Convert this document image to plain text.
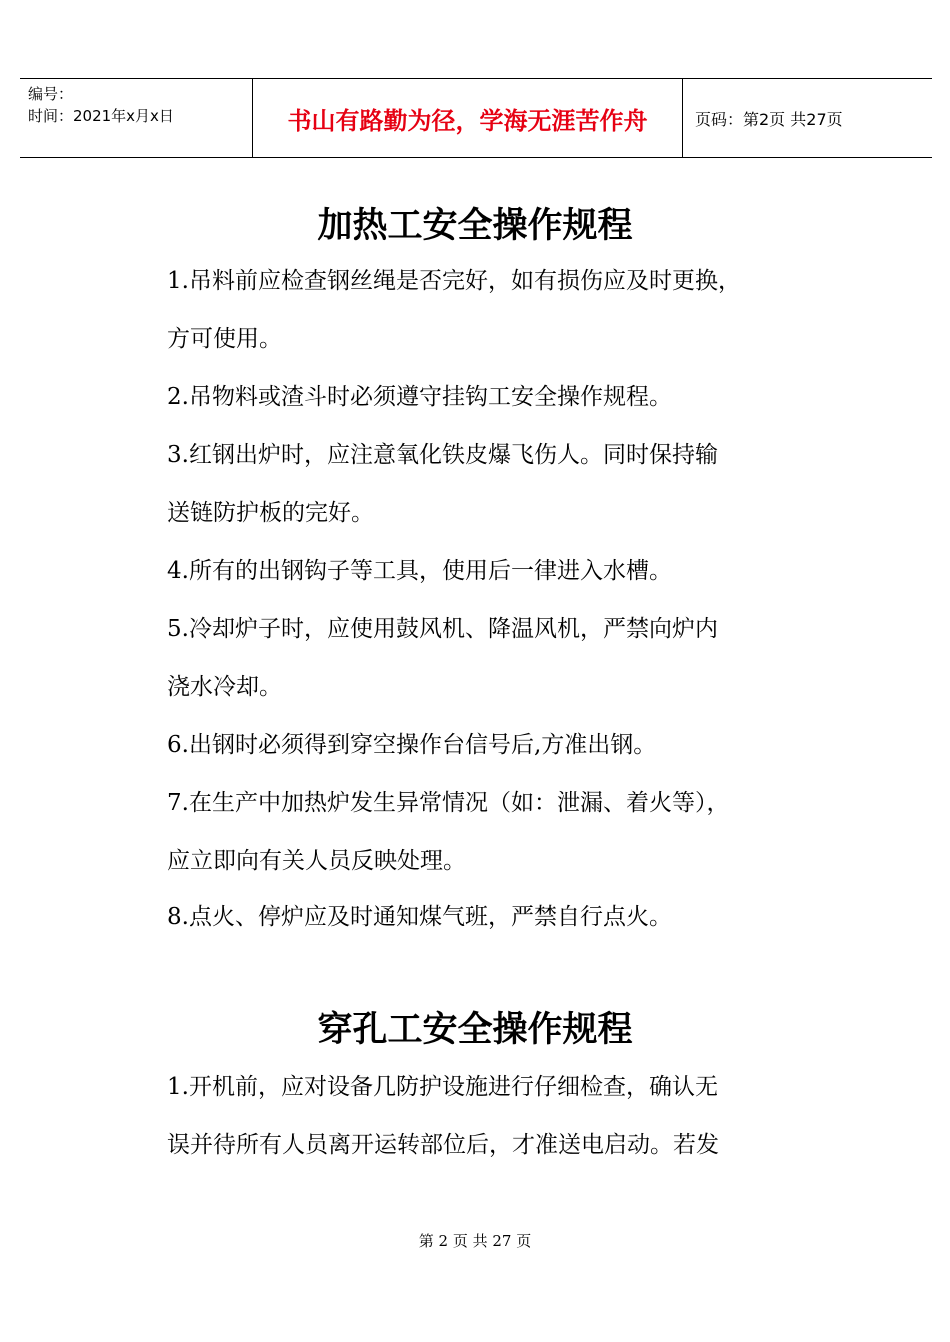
编号：
时间：2021年x月x日	书山有路勤为径，学海无涯苦作舟	页码：第2页 共27页
加热工安全操作规程
1.吊料前应检查钢丝绳是否完好，如有损伤应及时更换，
方可使用。
2.吊物料或渣斗时必须遵守挂钩工安全操作规程。
3.红钢出炉时，应注意氧化铁皮爆飞伤人。同时保持输
送链防护板的完好。
4.所有的出钢钩子等工具，使用后一律进入水槽。
5.冷却炉子时，应使用鼓风机、降温风机，严禁向炉内
浇水冷却。
6.出钢时必须得到穿空操作台信号后,方准出钢。
7.在生产中加热炉发生异常情况（如：泄漏、着火等），
应立即向有关人员反映处理。
8.点火、停炉应及时通知煤气班，严禁自行点火。
穿孔工安全操作规程
1.开机前，应对设备几防护设施进行仔细检查，确认无
误并待所有人员离开运转部位后，才准送电启动。若发
第 2 页 共 27 页
